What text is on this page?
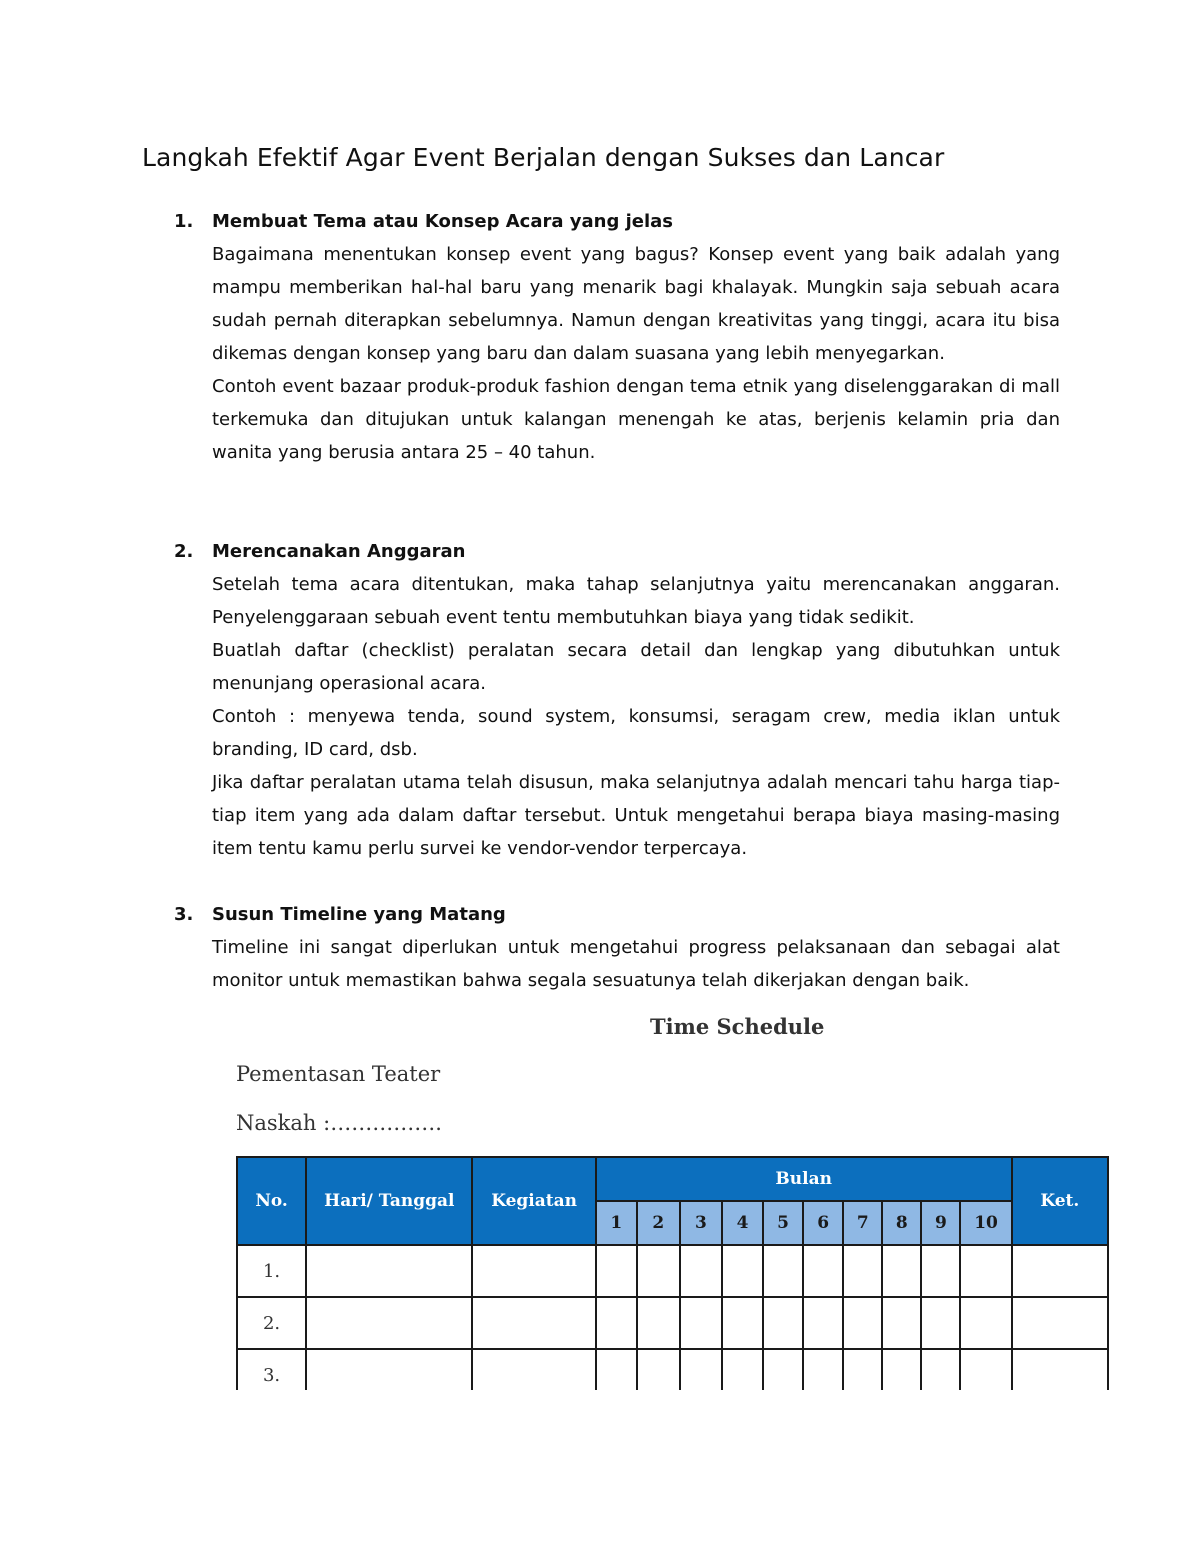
Langkah Efektif Agar Event Berjalan dengan Sukses dan Lancar
1. Membuat Tema atau Konsep Acara yang jelas

Bagaimana menentukan konsep event yang bagus? Konsep event yang baik adalah yang mampu memberikan hal-hal baru yang menarik bagi khalayak. Mungkin saja sebuah acara sudah pernah diterapkan sebelumnya. Namun dengan kreativitas yang tinggi, acara itu bisa dikemas dengan konsep yang baru dan dalam suasana yang lebih menyegarkan.

Contoh event bazaar produk-produk fashion dengan tema etnik yang diselenggarakan di mall terkemuka dan ditujukan untuk kalangan menengah ke atas, berjenis kelamin pria dan wanita yang berusia antara 25 – 40 tahun.

2. Merencanakan Anggaran

Setelah tema acara ditentukan, maka tahap selanjutnya yaitu merencanakan anggaran. Penyelenggaraan sebuah event tentu membutuhkan biaya yang tidak sedikit.

Buatlah daftar (checklist) peralatan secara detail dan lengkap yang dibutuhkan untuk menunjang operasional acara.

Contoh : menyewa tenda, sound system, konsumsi, seragam crew, media iklan untuk branding, ID card, dsb.

Jika daftar peralatan utama telah disusun, maka selanjutnya adalah mencari tahu harga tiap-tiap item yang ada dalam daftar tersebut. Untuk mengetahui berapa biaya masing-masing item tentu kamu perlu survei ke vendor-vendor terpercaya.

3. Susun Timeline yang Matang

Timeline ini sangat diperlukan untuk mengetahui progress pelaksanaan dan sebagai alat monitor untuk memastikan bahwa segala sesuatunya telah dikerjakan dengan baik.

Time Schedule
Pementasan Teater
Naskah :…………….
No.	Hari/ Tanggal	Kegiatan	Bulan										Ket.
			1	2	3	4	5	6	7	8	9	10	
1.													
2.													
3.													
